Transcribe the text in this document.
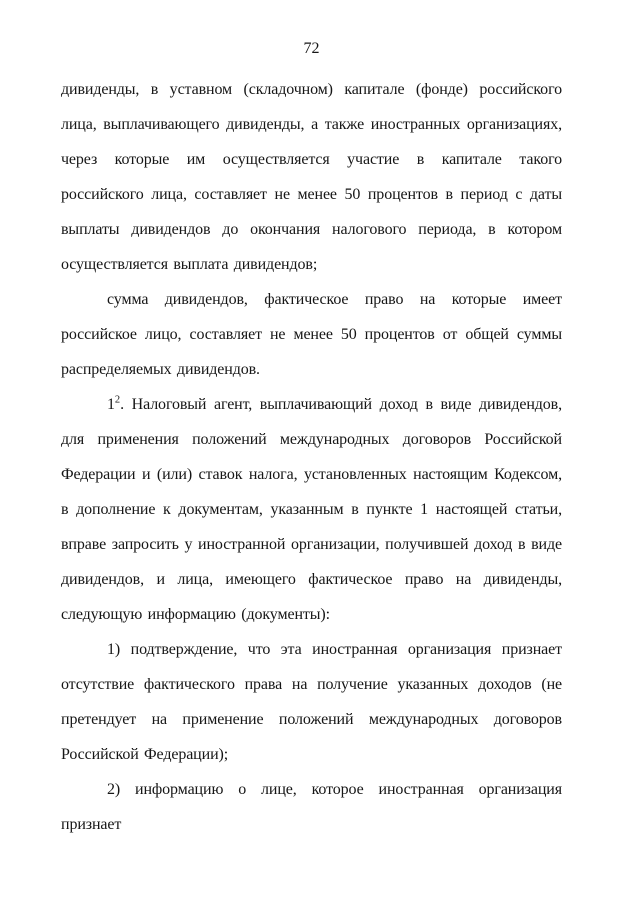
72

дивиденды, в уставном (складочном) капитале (фонде) российского лица, выплачивающего дивиденды, а также иностранных организациях, через которые им осуществляется участие в капитале такого российского лица, составляет не менее 50 процентов в период с даты выплаты дивидендов до окончания налогового периода, в котором осуществляется выплата дивидендов;

сумма дивидендов, фактическое право на которые имеет российское лицо, составляет не менее 50 процентов от общей суммы распределяемых дивидендов.

$1^2$. Налоговый агент, выплачивающий доход в виде дивидендов, для применения положений международных договоров Российской Федерации и (или) ставок налога, установленных настоящим Кодексом, в дополнение к документам, указанным в пункте 1 настоящей статьи, вправе запросить у иностранной организации, получившей доход в виде дивидендов, и лица, имеющего фактическое право на дивиденды, следующую информацию (документы):

1) подтверждение, что эта иностранная организация признает отсутствие фактического права на получение указанных доходов (не претендует на применение положений международных договоров Российской Федерации);

2) информацию о лице, которое иностранная организация признает
